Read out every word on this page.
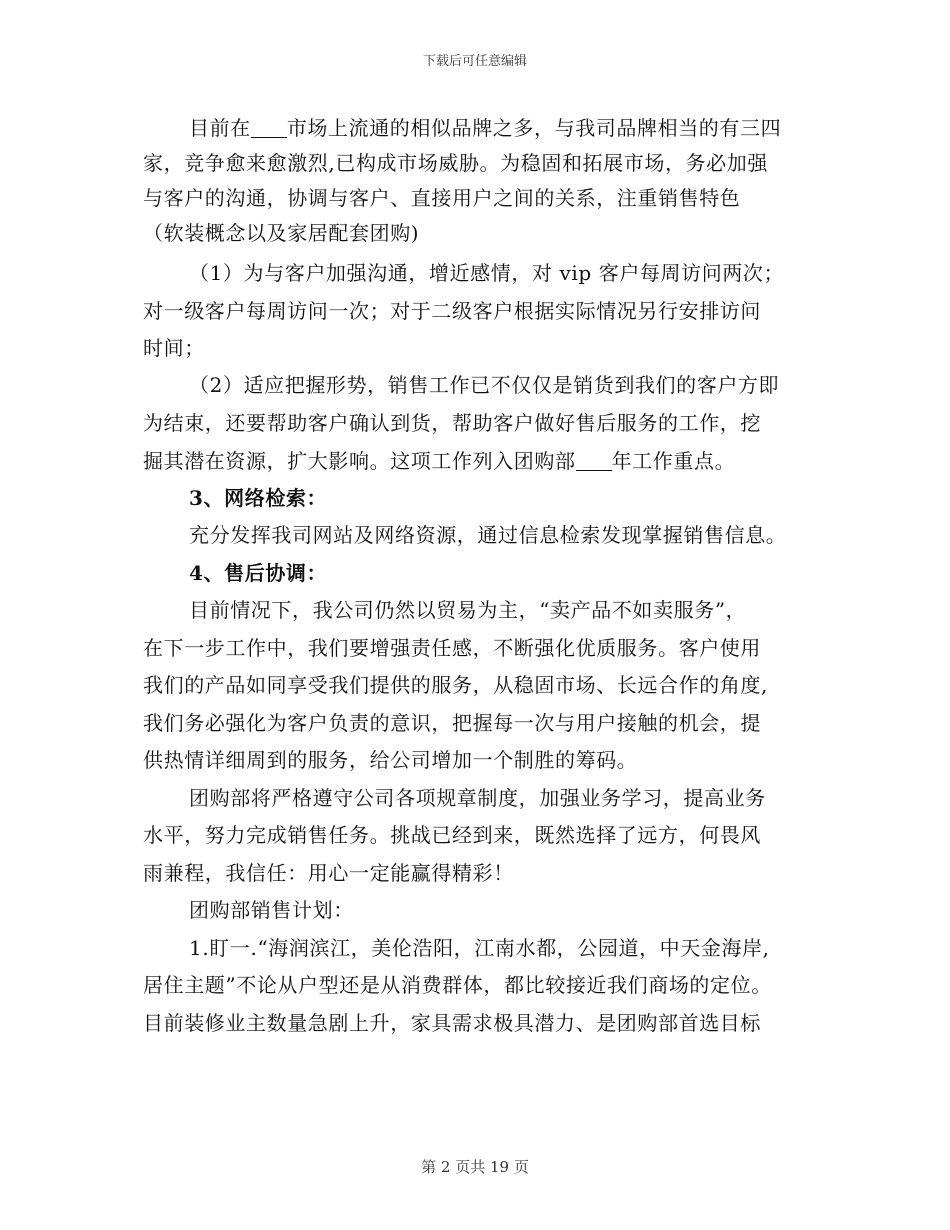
下载后可任意编辑
目前在 市场上流通的相似品牌之多，与我司品牌相当的有三四
家，竞争愈来愈激烈,已构成市场威胁。为稳固和拓展市场，务必加强
与客户的沟通，协调与客户、直接用户之间的关系，注重销售特色
（软装概念以及家居配套团购)
（1）为与客户加强沟通，增近感情，对 vip 客户每周访问两次；
对一级客户每周访问一次；对于二级客户根据实际情况另行安排访问
时间；
（2）适应把握形势，销售工作已不仅仅是销货到我们的客户方即
为结束，还要帮助客户确认到货，帮助客户做好售后服务的工作，挖
掘其潜在资源，扩大影响。这项工作列入团购部 年工作重点。
3、网络检索：
充分发挥我司网站及网络资源，通过信息检索发现掌握销售信息。
4、售后协调：
目前情况下，我公司仍然以贸易为主，“卖产品不如卖服务”，
在下一步工作中，我们要增强责任感，不断强化优质服务。客户使用
我们的产品如同享受我们提供的服务，从稳固市场、长远合作的角度,
我们务必强化为客户负责的意识，把握每一次与用户接触的机会，提
供热情详细周到的服务，给公司增加一个制胜的筹码。
团购部将严格遵守公司各项规章制度，加强业务学习，提高业务
水平，努力完成销售任务。挑战已经到来，既然选择了远方，何畏风
雨兼程，我信任：用心一定能赢得精彩！
团购部销售计划：
1.盯一.“海润滨江，美伦浩阳，江南水都，公园道，中天金海岸,
居住主题”不论从户型还是从消费群体，都比较接近我们商场的定位。
目前装修业主数量急剧上升，家具需求极具潜力、是团购部首选目标
第 2 页共 19 页
